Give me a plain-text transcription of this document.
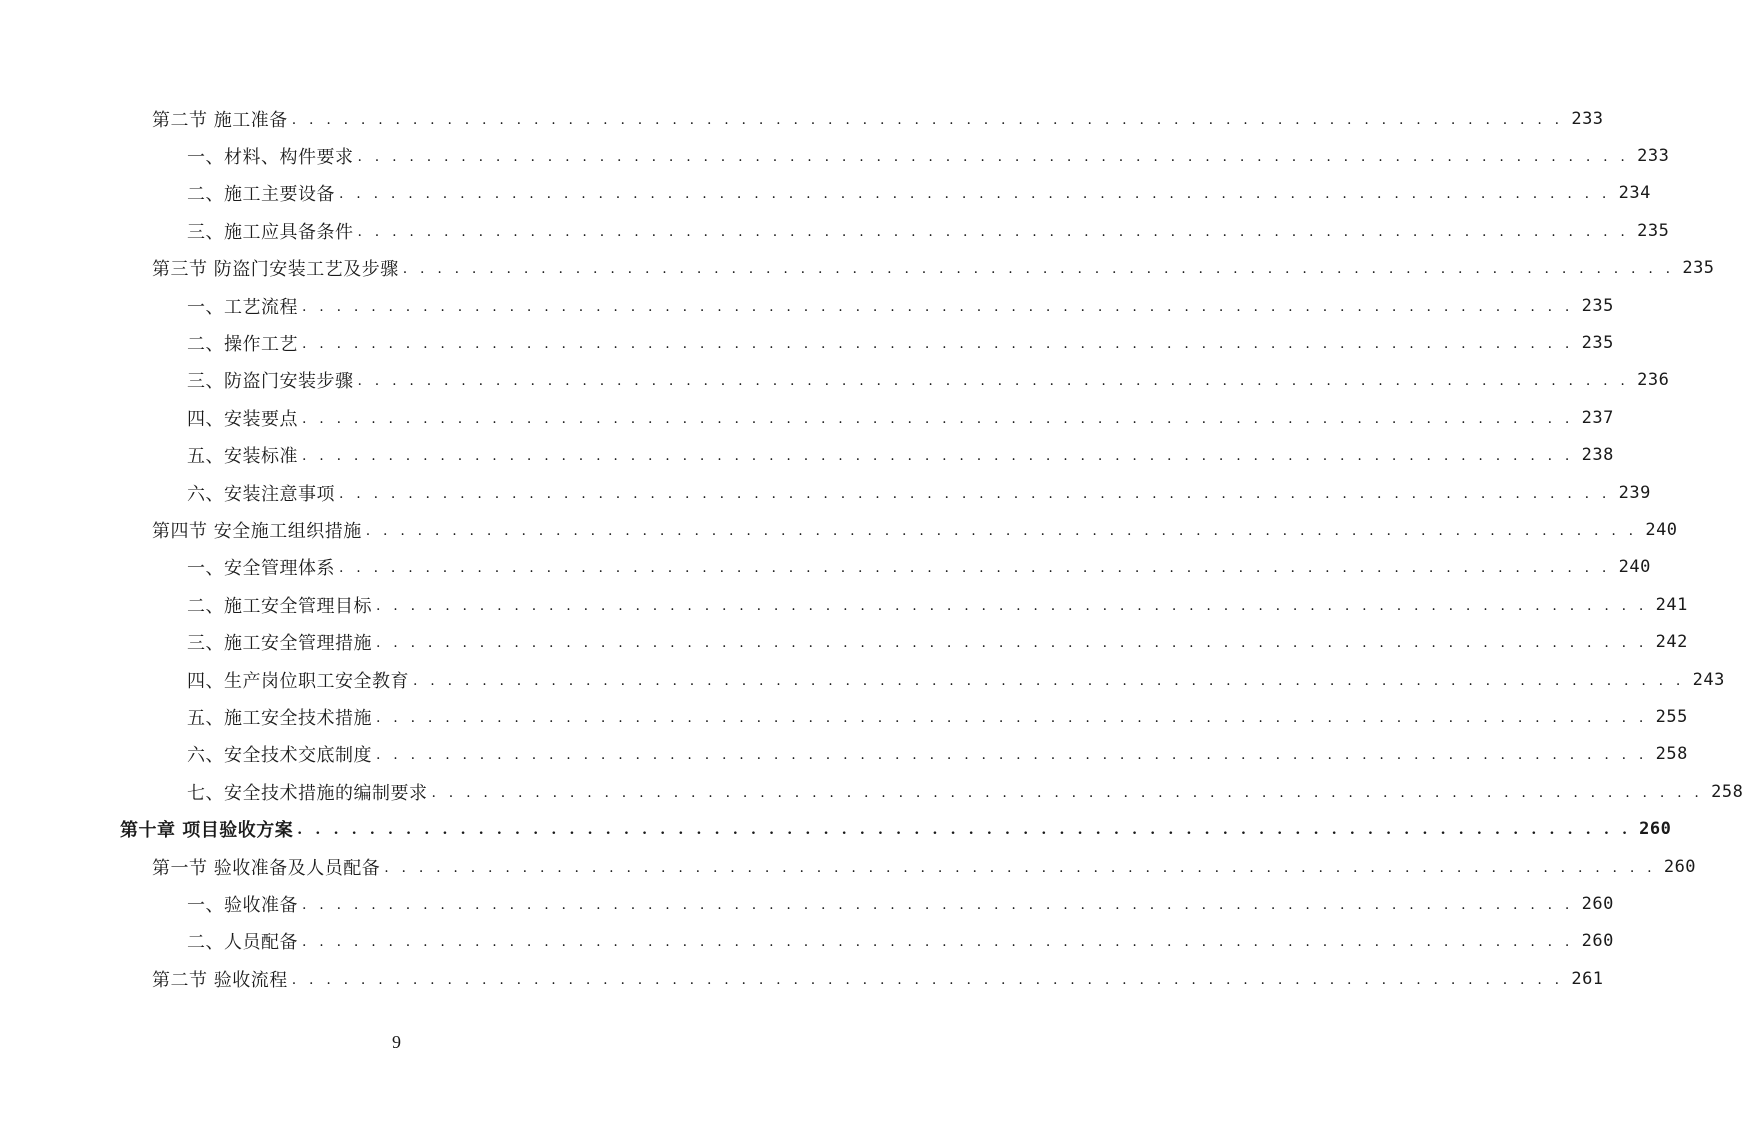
第二节 施工准备 . . . . . . . . . . . . . . . . . . . . . . . . . . . . . . . . . . . . . . . . . . . . . . . . . . . . . . . . . . . . . . . . . . . . . . . . . . 233
一、材料、构件要求 . . . . . . . . . . . . . . . . . . . . . . . . . . . . . . . . . . . . . . . . . . . . . . . . . . . . . . . . . . . . . . . . . . . . . . . . . . 233
二、施工主要设备 . . . . . . . . . . . . . . . . . . . . . . . . . . . . . . . . . . . . . . . . . . . . . . . . . . . . . . . . . . . . . . . . . . . . . . . . . . 234
三、施工应具备条件 . . . . . . . . . . . . . . . . . . . . . . . . . . . . . . . . . . . . . . . . . . . . . . . . . . . . . . . . . . . . . . . . . . . . . . . . . . 235
第三节 防盗门安装工艺及步骤 . . . . . . . . . . . . . . . . . . . . . . . . . . . . . . . . . . . . . . . . . . . . . . . . . . . . . . . . . . . . . . . . . . . . . . . . . . 235
一、工艺流程 . . . . . . . . . . . . . . . . . . . . . . . . . . . . . . . . . . . . . . . . . . . . . . . . . . . . . . . . . . . . . . . . . . . . . . . . . . 235
二、操作工艺 . . . . . . . . . . . . . . . . . . . . . . . . . . . . . . . . . . . . . . . . . . . . . . . . . . . . . . . . . . . . . . . . . . . . . . . . . . 235
三、防盗门安装步骤 . . . . . . . . . . . . . . . . . . . . . . . . . . . . . . . . . . . . . . . . . . . . . . . . . . . . . . . . . . . . . . . . . . . . . . . . . . 236
四、安装要点 . . . . . . . . . . . . . . . . . . . . . . . . . . . . . . . . . . . . . . . . . . . . . . . . . . . . . . . . . . . . . . . . . . . . . . . . . . 237
五、安装标准 . . . . . . . . . . . . . . . . . . . . . . . . . . . . . . . . . . . . . . . . . . . . . . . . . . . . . . . . . . . . . . . . . . . . . . . . . . 238
六、安装注意事项 . . . . . . . . . . . . . . . . . . . . . . . . . . . . . . . . . . . . . . . . . . . . . . . . . . . . . . . . . . . . . . . . . . . . . . . . . . 239
第四节 安全施工组织措施 . . . . . . . . . . . . . . . . . . . . . . . . . . . . . . . . . . . . . . . . . . . . . . . . . . . . . . . . . . . . . . . . . . . . . . . . . . 240
一、安全管理体系 . . . . . . . . . . . . . . . . . . . . . . . . . . . . . . . . . . . . . . . . . . . . . . . . . . . . . . . . . . . . . . . . . . . . . . . . . . 240
二、施工安全管理目标 . . . . . . . . . . . . . . . . . . . . . . . . . . . . . . . . . . . . . . . . . . . . . . . . . . . . . . . . . . . . . . . . . . . . . . . . . . 241
三、施工安全管理措施 . . . . . . . . . . . . . . . . . . . . . . . . . . . . . . . . . . . . . . . . . . . . . . . . . . . . . . . . . . . . . . . . . . . . . . . . . . 242
四、生产岗位职工安全教育 . . . . . . . . . . . . . . . . . . . . . . . . . . . . . . . . . . . . . . . . . . . . . . . . . . . . . . . . . . . . . . . . . . . . . . . . . . 243
五、施工安全技术措施 . . . . . . . . . . . . . . . . . . . . . . . . . . . . . . . . . . . . . . . . . . . . . . . . . . . . . . . . . . . . . . . . . . . . . . . . . . 255
六、安全技术交底制度 . . . . . . . . . . . . . . . . . . . . . . . . . . . . . . . . . . . . . . . . . . . . . . . . . . . . . . . . . . . . . . . . . . . . . . . . . . 258
七、安全技术措施的编制要求 . . . . . . . . . . . . . . . . . . . . . . . . . . . . . . . . . . . . . . . . . . . . . . . . . . . . . . . . . . . . . . . . . . . . . . . . . . 258
第十章 项目验收方案 . . . . . . . . . . . . . . . . . . . . . . . . . . . . . . . . . . . . . . . . . . . . . . . . . . . . . . . . . . . . . . . . . . . . . . . . . . 260
第一节 验收准备及人员配备 . . . . . . . . . . . . . . . . . . . . . . . . . . . . . . . . . . . . . . . . . . . . . . . . . . . . . . . . . . . . . . . . . . . . . . . . . . 260
一、验收准备 . . . . . . . . . . . . . . . . . . . . . . . . . . . . . . . . . . . . . . . . . . . . . . . . . . . . . . . . . . . . . . . . . . . . . . . . . . 260
二、人员配备 . . . . . . . . . . . . . . . . . . . . . . . . . . . . . . . . . . . . . . . . . . . . . . . . . . . . . . . . . . . . . . . . . . . . . . . . . . 260
第二节 验收流程 . . . . . . . . . . . . . . . . . . . . . . . . . . . . . . . . . . . . . . . . . . . . . . . . . . . . . . . . . . . . . . . . . . . . . . . . . . 261
9
